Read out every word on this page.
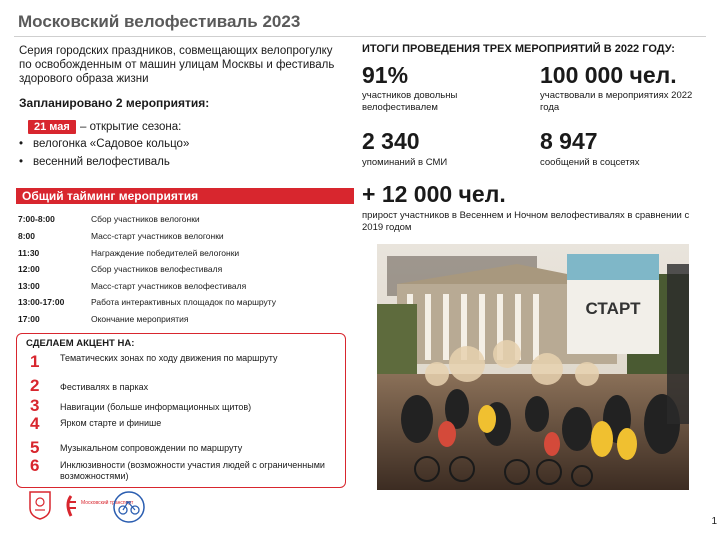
Московский велофестиваль 2023
Серия городских праздников, совмещающих велопрогулку по освобожденным от машин улицам Москвы и фестиваль здорового образа жизни
Запланировано 2 мероприятия:
21 мая – открытие сезона:
• велогонка «Садовое кольцо»
• весенний велофестиваль
Общий тайминг мероприятия
7:00-8:00	Сбор участников велогонки
8:00	Масс-старт участников велогонки
11:30	Награждение победителей велогонки
12:00	Сбор участников велофестиваля
13:00	Масс-старт участников велофестиваля
13:00-17:00	Работа интерактивных площадок по маршруту
17:00	Окончание мероприятия
СДЕЛАЕМ АКЦЕНТ НА:
1	Тематических зонах по ходу движения по маршруту
2	Фестивалях в парках
3	Навигации (больше информационных щитов)
4	Ярком старте и финише
5	Музыкальном сопровождении по маршруту
6	Инклюзивности (возможности участия людей с ограниченными возможностями)
ИТОГИ ПРОВЕДЕНИЯ ТРЕХ МЕРОПРИЯТИЙ В 2022 ГОДУ:
91%
участников довольны велофестивалем
100 000 чел.
участвовали в мероприятиях 2022 года
2 340
упоминаний в СМИ
8 947
сообщений в соцсетях
+ 12 000 чел.
прирост участников в Весеннем и Ночном велофестивалях в сравнении с 2019 годом
СТАРТ
Московский транспорт
1
